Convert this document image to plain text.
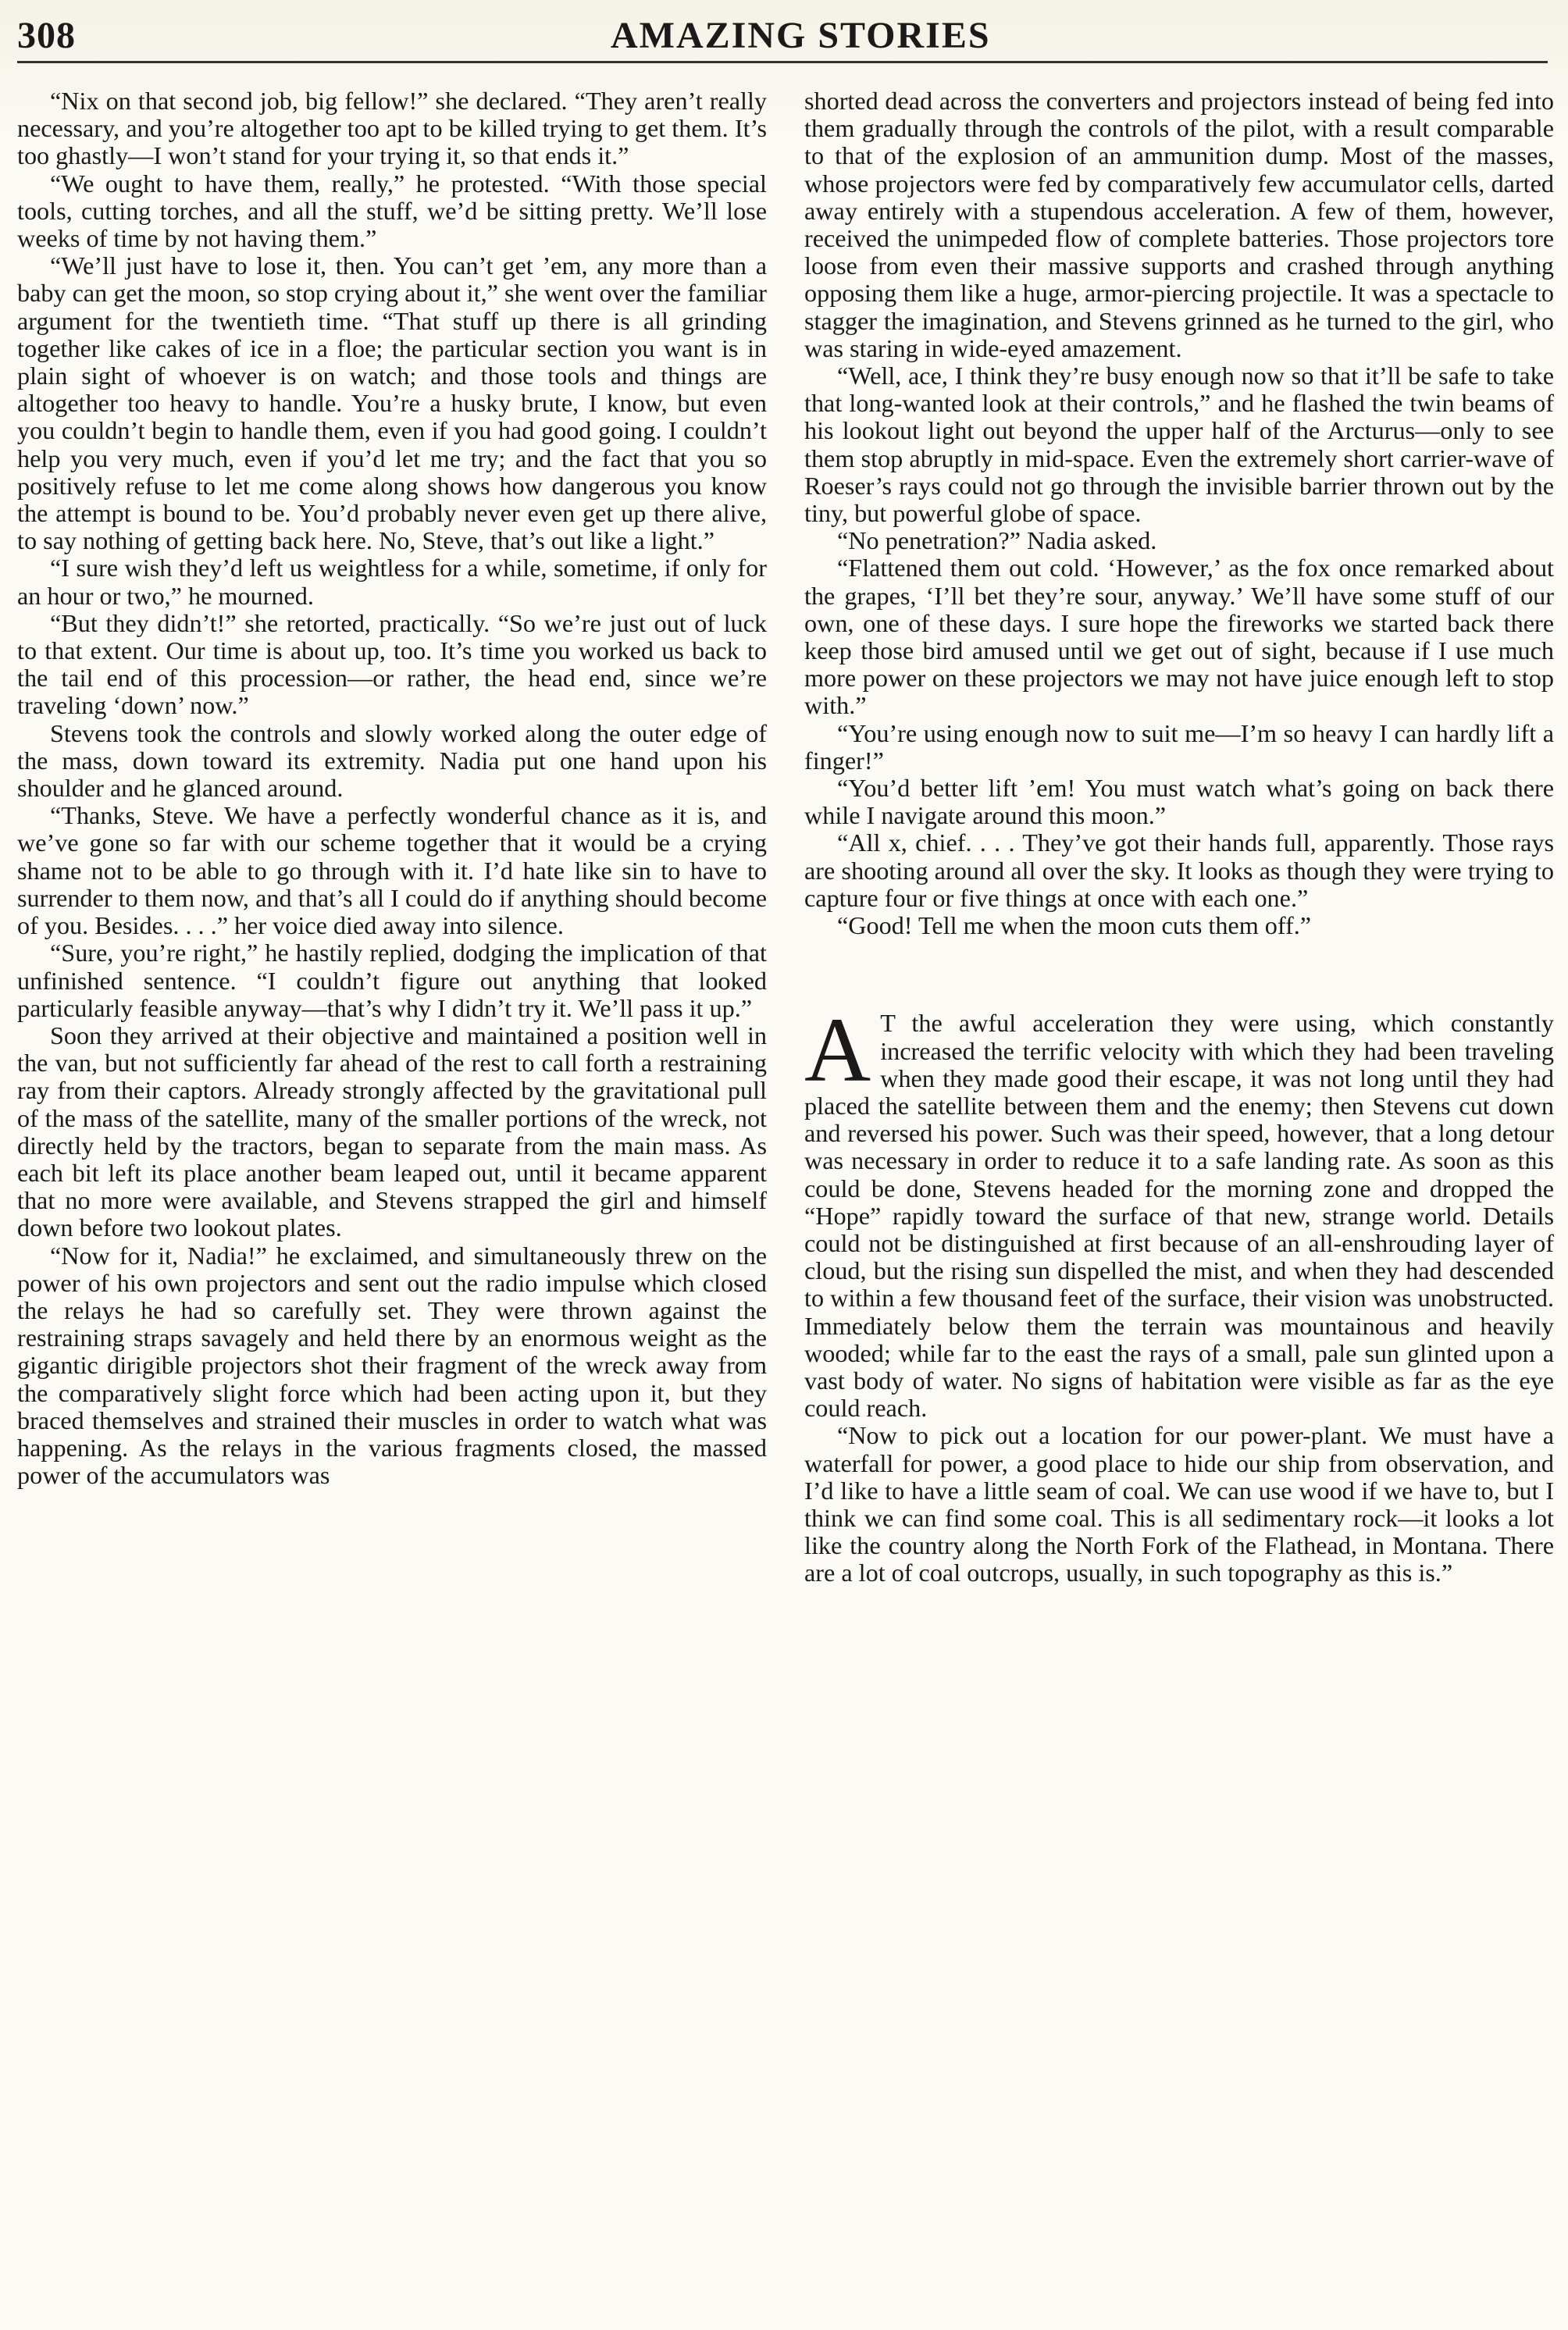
308	AMAZING STORIES

“Nix on that second job, big fellow!” she declared. “They aren’t really necessary, and you’re altogether too apt to be killed trying to get them. It’s too ghastly—I won’t stand for your trying it, so that ends it.”

“We ought to have them, really,” he protested. “With those special tools, cutting torches, and all the stuff, we’d be sitting pretty. We’ll lose weeks of time by not having them.”

“We’ll just have to lose it, then. You can’t get ’em, any more than a baby can get the moon, so stop crying about it,” she went over the familiar argument for the twentieth time. “That stuff up there is all grinding together like cakes of ice in a floe; the particular section you want is in plain sight of whoever is on watch; and those tools and things are altogether too heavy to handle. You’re a husky brute, I know, but even you couldn’t begin to handle them, even if you had good going. I couldn’t help you very much, even if you’d let me try; and the fact that you so positively refuse to let me come along shows how dangerous you know the attempt is bound to be. You’d probably never even get up there alive, to say nothing of getting back here. No, Steve, that’s out like a light.”

“I sure wish they’d left us weightless for a while, sometime, if only for an hour or two,” he mourned.

“But they didn’t!” she retorted, practically. “So we’re just out of luck to that extent. Our time is about up, too. It’s time you worked us back to the tail end of this procession—or rather, the head end, since we’re traveling ‘down’ now.”

Stevens took the controls and slowly worked along the outer edge of the mass, down toward its extremity. Nadia put one hand upon his shoulder and he glanced around.

“Thanks, Steve. We have a perfectly wonderful chance as it is, and we’ve gone so far with our scheme together that it would be a crying shame not to be able to go through with it. I’d hate like sin to have to surrender to them now, and that’s all I could do if anything should become of you. Besides. . . .” her voice died away into silence.

“Sure, you’re right,” he hastily replied, dodging the implication of that unfinished sentence. “I couldn’t figure out anything that looked particularly feasible anyway—that’s why I didn’t try it. We’ll pass it up.”

Soon they arrived at their objective and maintained a position well in the van, but not sufficiently far ahead of the rest to call forth a restraining ray from their captors. Already strongly affected by the gravitational pull of the mass of the satellite, many of the smaller portions of the wreck, not directly held by the tractors, began to separate from the main mass. As each bit left its place another beam leaped out, until it became apparent that no more were available, and Stevens strapped the girl and himself down before two lookout plates.

“Now for it, Nadia!” he exclaimed, and simultaneously threw on the power of his own projectors and sent out the radio impulse which closed the relays he had so carefully set. They were thrown against the restraining straps savagely and held there by an enormous weight as the gigantic dirigible projectors shot their fragment of the wreck away from the comparatively slight force which had been acting upon it, but they braced themselves and strained their muscles in order to watch what was happening. As the relays in the various fragments closed, the massed power of the accumulators was

shorted dead across the converters and projectors instead of being fed into them gradually through the controls of the pilot, with a result comparable to that of the explosion of an ammunition dump. Most of the masses, whose projectors were fed by comparatively few accumulator cells, darted away entirely with a stupendous acceleration. A few of them, however, received the unimpeded flow of complete batteries. Those projectors tore loose from even their massive supports and crashed through anything opposing them like a huge, armor-piercing projectile. It was a spectacle to stagger the imagination, and Stevens grinned as he turned to the girl, who was staring in wide-eyed amazement.

“Well, ace, I think they’re busy enough now so that it’ll be safe to take that long-wanted look at their controls,” and he flashed the twin beams of his lookout light out beyond the upper half of the Arcturus—only to see them stop abruptly in mid-space. Even the extremely short carrier-wave of Roeser’s rays could not go through the invisible barrier thrown out by the tiny, but powerful globe of space.

“No penetration?” Nadia asked.

“Flattened them out cold. ‘However,’ as the fox once remarked about the grapes, ‘I’ll bet they’re sour, anyway.’ We’ll have some stuff of our own, one of these days. I sure hope the fireworks we started back there keep those bird amused until we get out of sight, because if I use much more power on these projectors we may not have juice enough left to stop with.”

“You’re using enough now to suit me—I’m so heavy I can hardly lift a finger!”

“You’d better lift ’em! You must watch what’s going on back there while I navigate around this moon.”

“All x, chief. . . . They’ve got their hands full, apparently. Those rays are shooting around all over the sky. It looks as though they were trying to capture four or five things at once with each one.”

“Good! Tell me when the moon cuts them off.”

A T the awful acceleration they were using, which constantly increased the terrific velocity with which they had been traveling when they made good their escape, it was not long until they had placed the satellite between them and the enemy; then Stevens cut down and reversed his power. Such was their speed, however, that a long detour was necessary in order to reduce it to a safe landing rate. As soon as this could be done, Stevens headed for the morning zone and dropped the “Hope” rapidly toward the surface of that new, strange world. Details could not be distinguished at first because of an all-enshrouding layer of cloud, but the rising sun dispelled the mist, and when they had descended to within a few thousand feet of the surface, their vision was unobstructed. Immediately below them the terrain was mountainous and heavily wooded; while far to the east the rays of a small, pale sun glinted upon a vast body of water. No signs of habitation were visible as far as the eye could reach.

“Now to pick out a location for our power-plant. We must have a waterfall for power, a good place to hide our ship from observation, and I’d like to have a little seam of coal. We can use wood if we have to, but I think we can find some coal. This is all sedimentary rock—it looks a lot like the country along the North Fork of the Flathead, in Montana. There are a lot of coal outcrops, usually, in such topography as this is.”
